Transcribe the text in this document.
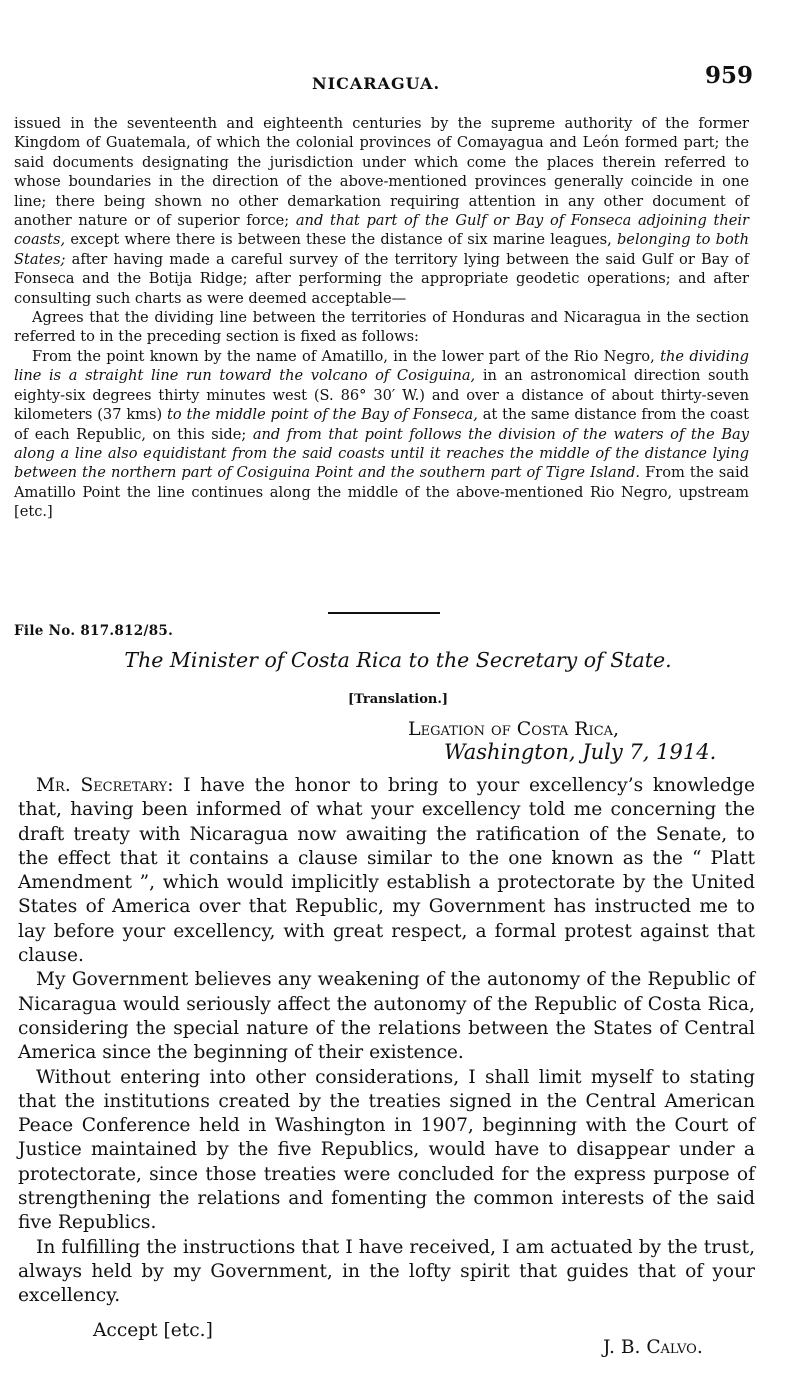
NICARAGUA.	959

issued in the seventeenth and eighteenth centuries by the supreme authority of the former Kingdom of Guatemala, of which the colonial provinces of Comayagua and León formed part; the said documents designating the jurisdiction under which come the places therein referred to whose boundaries in the direction of the above-mentioned provinces generally coincide in one line; there being shown no other demarkation requiring attention in any other document of another nature or of superior force; and that part of the Gulf or Bay of Fonseca adjoining their coasts, except where there is between these the distance of six marine leagues, belonging to both States; after having made a careful survey of the territory lying between the said Gulf or Bay of Fonseca and the Botija Ridge; after performing the appropriate geodetic operations; and after consulting such charts as were deemed acceptable—

Agrees that the dividing line between the territories of Honduras and Nicaragua in the section referred to in the preceding section is fixed as follows:

From the point known by the name of Amatillo, in the lower part of the Rio Negro, the dividing line is a straight line run toward the volcano of Cosiguina, in an astronomical direction south eighty-six degrees thirty minutes west (S. 86° 30′ W.) and over a distance of about thirty-seven kilometers (37 kms) to the middle point of the Bay of Fonseca, at the same distance from the coast of each Republic, on this side; and from that point follows the division of the waters of the Bay along a line also equidistant from the said coasts until it reaches the middle of the distance lying between the northern part of Cosiguina Point and the southern part of Tigre Island. From the said Amatillo Point the line continues along the middle of the above-mentioned Rio Negro, upstream [etc.]

File No. 817.812/85.
The Minister of Costa Rica to the Secretary of State.
[Translation.]
Legation of Costa Rica,
Washington, July 7, 1914.

Mr. Secretary: I have the honor to bring to your excellency’s knowledge that, having been informed of what your excellency told me concerning the draft treaty with Nicaragua now awaiting the ratification of the Senate, to the effect that it contains a clause similar to the one known as the “ Platt Amendment ”, which would implicitly establish a protectorate by the United States of America over that Republic, my Government has instructed me to lay before your excellency, with great respect, a formal protest against that clause.

My Government believes any weakening of the autonomy of the Republic of Nicaragua would seriously affect the autonomy of the Republic of Costa Rica, considering the special nature of the relations between the States of Central America since the beginning of their existence.

Without entering into other considerations, I shall limit myself to stating that the institutions created by the treaties signed in the Central American Peace Conference held in Washington in 1907, beginning with the Court of Justice maintained by the five Republics, would have to disappear under a protectorate, since those treaties were concluded for the express purpose of strengthening the relations and fomenting the common interests of the said five Republics.

In fulfilling the instructions that I have received, I am actuated by the trust, always held by my Government, in the lofty spirit that guides that of your excellency.

Accept [etc.]
J. B. Calvo.
